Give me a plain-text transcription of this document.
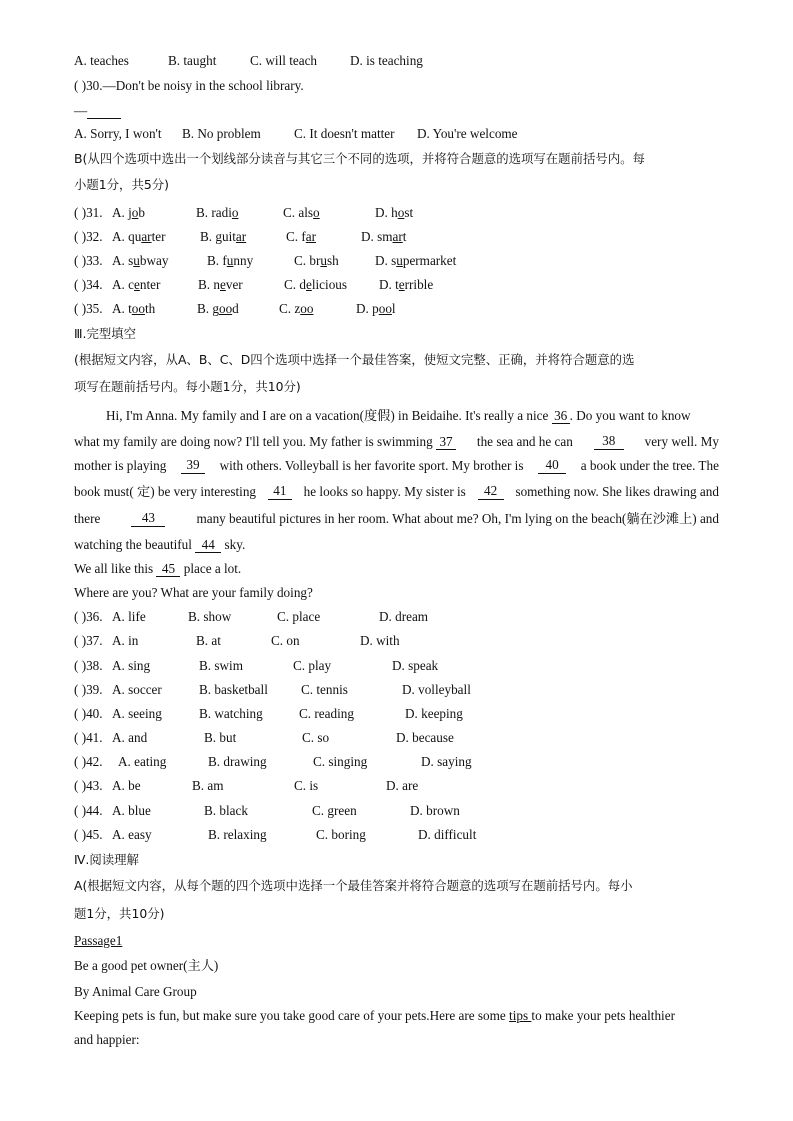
A. teaches	B. taught	C. will teach D. is teaching
( )30.—Don't be noisy in the school library.
—
A. Sorry, I won't B. No problem	C. It doesn't matter D. You're welcome
B(从四个选项中选出一个划线部分读音与其它三个不同的选项，并将符合题意的选项写在题前括号内。每
小题1分，共5分)
( )31. A. job	B. radio	C. also	D. host
( )32. A. quarter	B. guitar	C. far	D. smart
( )33. A. subway	B. funny	C. brush	D. supermarket
( )34. A. center	B. never	C. delicious D. terrible
( )35. A. tooth	B. good	C. zoo	D. pool
Ⅲ.完型填空
(根据短文内容，从A、B、C、D四个选项中选择一个最佳答案，使短文完整、正确，并将符合题意的选
项写在题前括号内。每小题1分，共10分)
Hi, I'm Anna. My family and I are on a vacation(度假) in Beidaihe. It's really a nice 36 . Do you want to know
what my family are doing now? I'll tell you. My father is swimming 37 the sea and he can	38	very well. My
mother is playing	39	with others. Volleyball is her favorite sport. My brother is	40	a book under the tree. The
book must( 定) be very interesting	41	he looks so happy. My sister is	42	something now. She likes drawing and
there	43	many beautiful pictures in her room. What about me? Oh, I'm lying on the beach(躺在沙滩上) and
watching the beautiful 44 sky.
We all like this 45 place a lot.
Where are you? What are your family doing?
( )36. A. life	B. show	C. place	D. dream
( )37. A. in	B. at	C. on	D. with
( )38. A. sing	B. swim	C. play	D. speak
( )39. A. soccer	B. basketball	C. tennis	D. volleyball
( )40. A. seeing	B. watching	C. reading	D. keeping
( )41. A. and	B. but	C. so	D. because
( )42. A. eating	B. drawing	C. singing	D. saying
( )43. A. be	B. am	C. is	D. are
( )44. A. blue	B. black	C. green	D. brown
( )45. A. easy	B. relaxing	C. boring	D. difficult
Ⅳ.阅读理解
A(根据短文内容，从每个题的四个选项中选择一个最佳答案并将符合题意的选项写在题前括号内。每小
题1分，共10分)
Passage1
Be a good pet owner(主人)
By Animal Care Group
Keeping pets is fun, but make sure you take good care of your pets.Here are some tips to make your pets healthier
and happier:
